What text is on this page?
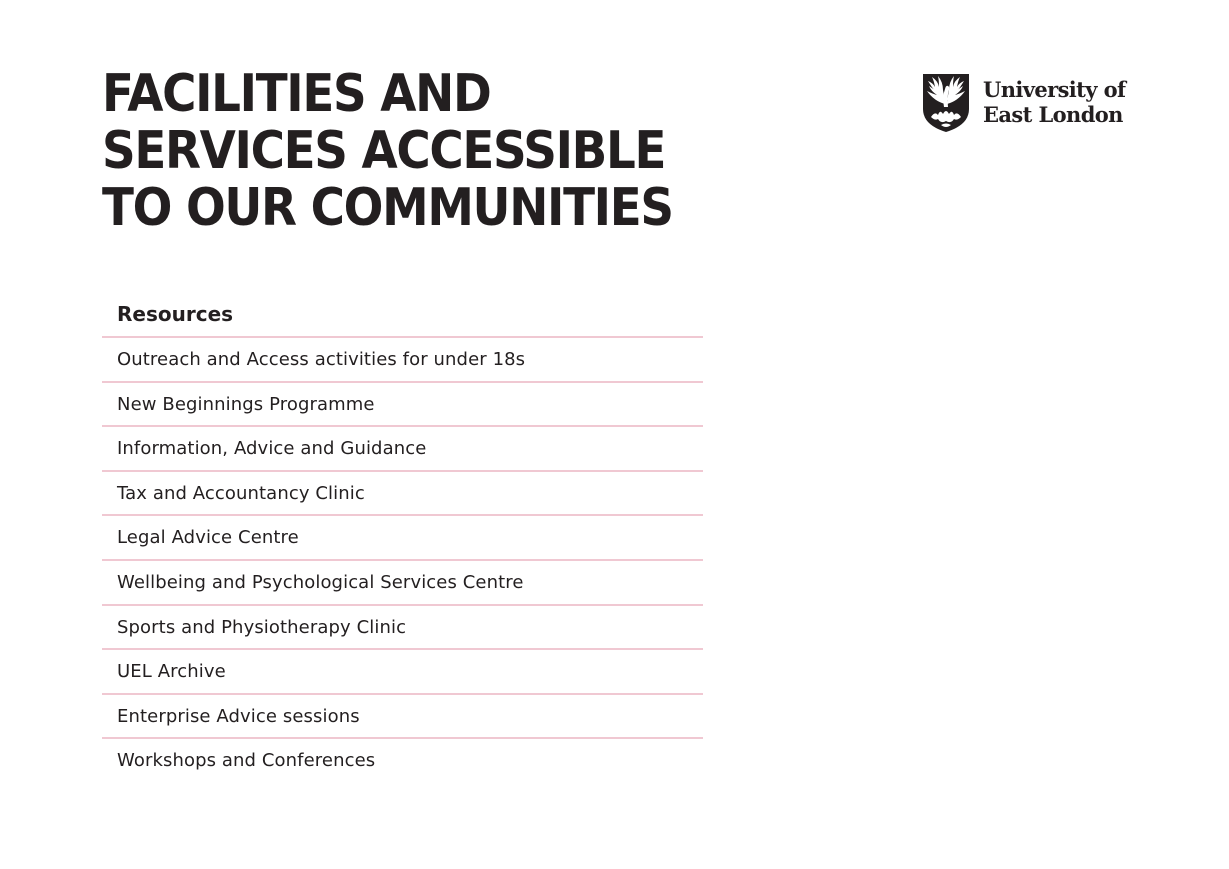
FACILITIES AND
SERVICES ACCESSIBLE
TO OUR COMMUNITIES
University of
East London
Resources
Outreach and Access activities for under 18s
New Beginnings Programme
Information, Advice and Guidance
Tax and Accountancy Clinic
Legal Advice Centre
Wellbeing and Psychological Services Centre
Sports and Physiotherapy Clinic
UEL Archive
Enterprise Advice sessions
Workshops and Conferences
